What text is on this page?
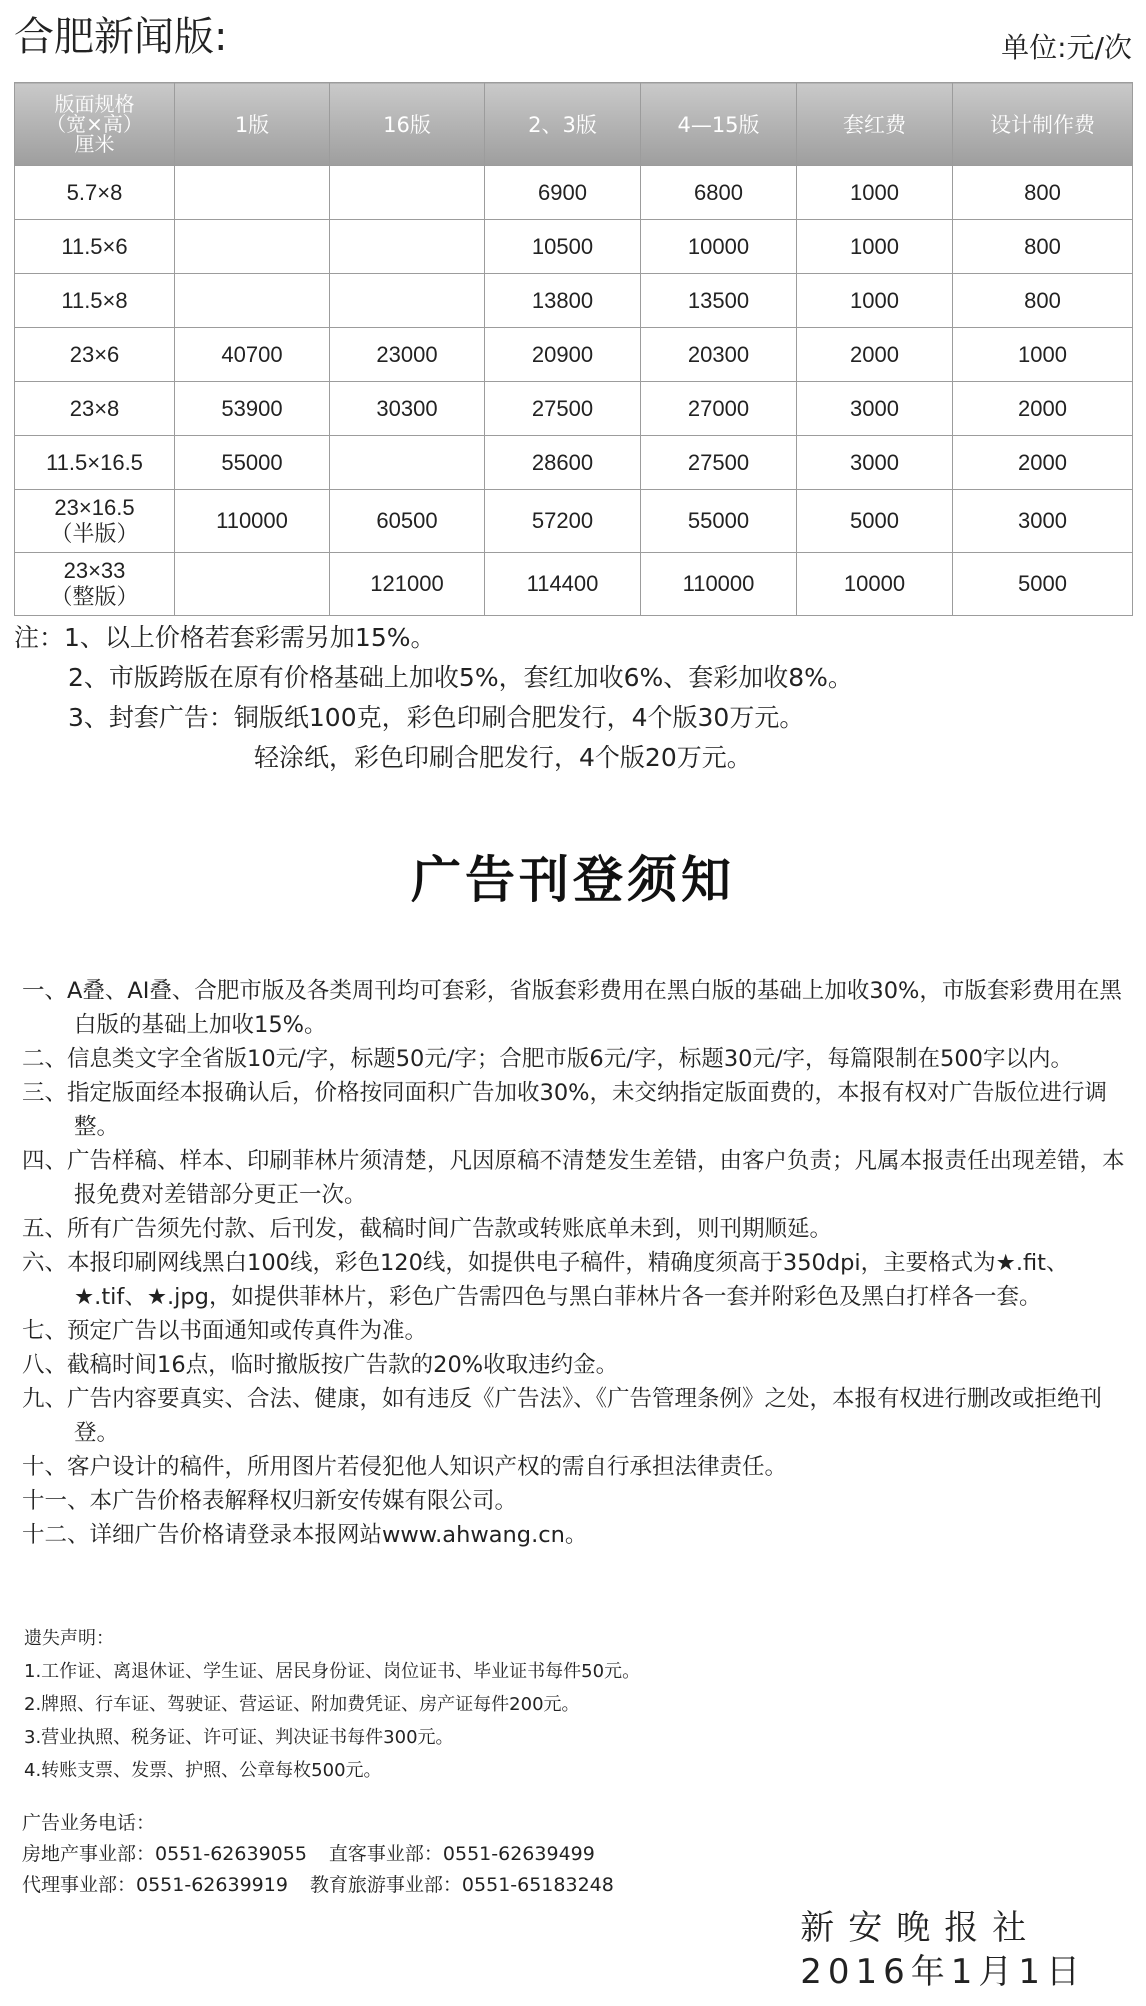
合肥新闻版:	单位:元/次
版面规格
（宽×高）
厘米	1版	16版	2、3版	4—15版	套红费	设计制作费

5.7×8			6900	6800	1000	800

11.5×6			10500	10000	1000	800

11.5×8			13800	13500	1000	800

23×6	40700	23000	20900	20300	2000	1000

23×8	53900	30300	27500	27000	3000	2000

11.5×16.5	55000		28600	27500	3000	2000

23×16.5
（半版）	110000	60500	57200	55000	5000	3000

23×33
（整版）		121000	114400	110000	10000	5000
注：1、以上价格若套彩需另加15%。
2、市版跨版在原有价格基础上加收5%，套红加收6%、套彩加收8%。
3、封套广告：铜版纸100克，彩色印刷合肥发行，4个版30万元。
轻涂纸，彩色印刷合肥发行，4个版20万元。
广告刊登须知
一、A叠、AⅠ叠、合肥市版及各类周刊均可套彩，省版套彩费用在黑白版的基础上加收30%，市版套彩费用在黑白版的基础上加收15%。
二、信息类文字全省版10元/字，标题50元/字；合肥市版6元/字，标题30元/字，每篇限制在500字以内。
三、指定版面经本报确认后，价格按同面积广告加收30%，未交纳指定版面费的，本报有权对广告版位进行调整。
四、广告样稿、样本、印刷菲林片须清楚，凡因原稿不清楚发生差错，由客户负责；凡属本报责任出现差错，本报免费对差错部分更正一次。
五、所有广告须先付款、后刊发，截稿时间广告款或转账底单未到，则刊期顺延。
六、本报印刷网线黑白100线，彩色120线，如提供电子稿件，精确度须高于350dpi，主要格式为★.fit、★.tif、★.jpg，如提供菲林片，彩色广告需四色与黑白菲林片各一套并附彩色及黑白打样各一套。
七、预定广告以书面通知或传真件为准。
八、截稿时间16点，临时撤版按广告款的20%收取违约金。
九、广告内容要真实、合法、健康，如有违反《广告法》、《广告管理条例》之处，本报有权进行删改或拒绝刊登。
十、客户设计的稿件，所用图片若侵犯他人知识产权的需自行承担法律责任。
十一、本广告价格表解释权归新安传媒有限公司。
十二、详细广告价格请登录本报网站www.ahwang.cn。
遗失声明：
1.工作证、离退休证、学生证、居民身份证、岗位证书、毕业证书每件50元。
2.牌照、行车证、驾驶证、营运证、附加费凭证、房产证每件200元。
3.营业执照、税务证、许可证、判决证书每件300元。
4.转账支票、发票、护照、公章每枚500元。
广告业务电话：
房地产事业部：0551-62639055 直客事业部：0551-62639499
代理事业部：0551-62639919 教育旅游事业部：0551-65183248
新安晚报社
2016年1月1日
